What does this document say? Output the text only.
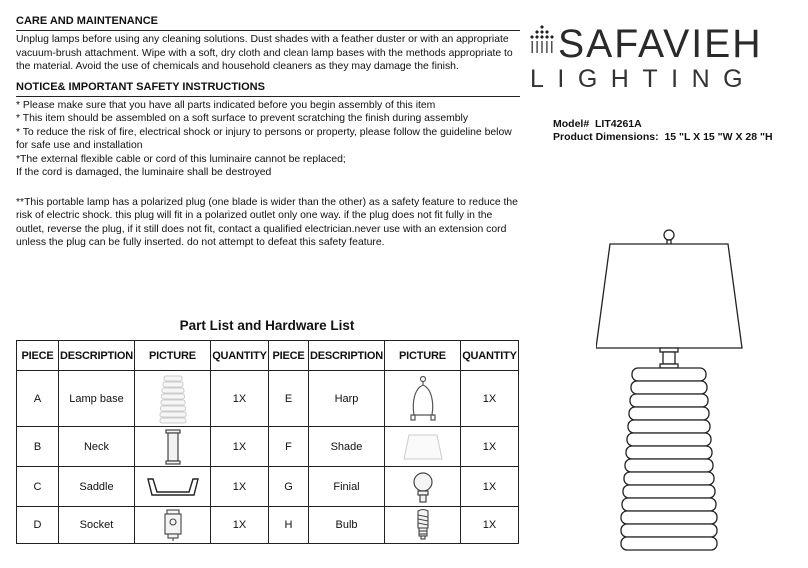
CARE AND MAINTENANCE
Unplug lamps before using any cleaning solutions. Dust shades with a feather duster or with an appropriate
vacuum-brush attachment. Wipe with a soft, dry cloth and clean lamp bases with the methods appropriate to the material. Avoid the use of chemicals and household cleaners as they may damage the finish.
NOTICE& IMPORTANT SAFETY INSTRUCTIONS

* Please make sure that you have all parts indicated before you begin assembly of this item

* This item should be assembled on a soft surface to prevent scratching the finish during assembly

* To reduce the risk of fire, electrical shock or injury to persons or property, please follow the guideline below for safe use and installation

*The external flexible cable or cord of this luminaire cannot be replaced;

If the cord is damaged, the luminaire shall be destroyed

**This portable lamp has a polarized plug (one blade is wider than the other) as a safety feature to reduce the risk of electric shock. this plug will fit in a polarized outlet only one way. if the plug does not fit fully in the outlet, reverse the plug, if it still does not fit, contact a qualified electrician.never use with an extension cord unless the plug can be fully inserted. do not attempt to defeat this safety feature.
Part List and Hardware List
PIECE	DESCRIPTION	PICTURE	QUANTITY	PIECE	DESCRIPTION	PICTURE	QUANTITY
A	Lamp base		1X	E	Harp		1X
B	Neck		1X	F	Shade		1X
C	Saddle		1X	G	Finial		1X
D	Socket		1X	H	Bulb		1X
SAFAVIEH
LIGHTING
Model# LIT4261A
Product Dimensions: 15 "L X 15 "W X 28 "H
